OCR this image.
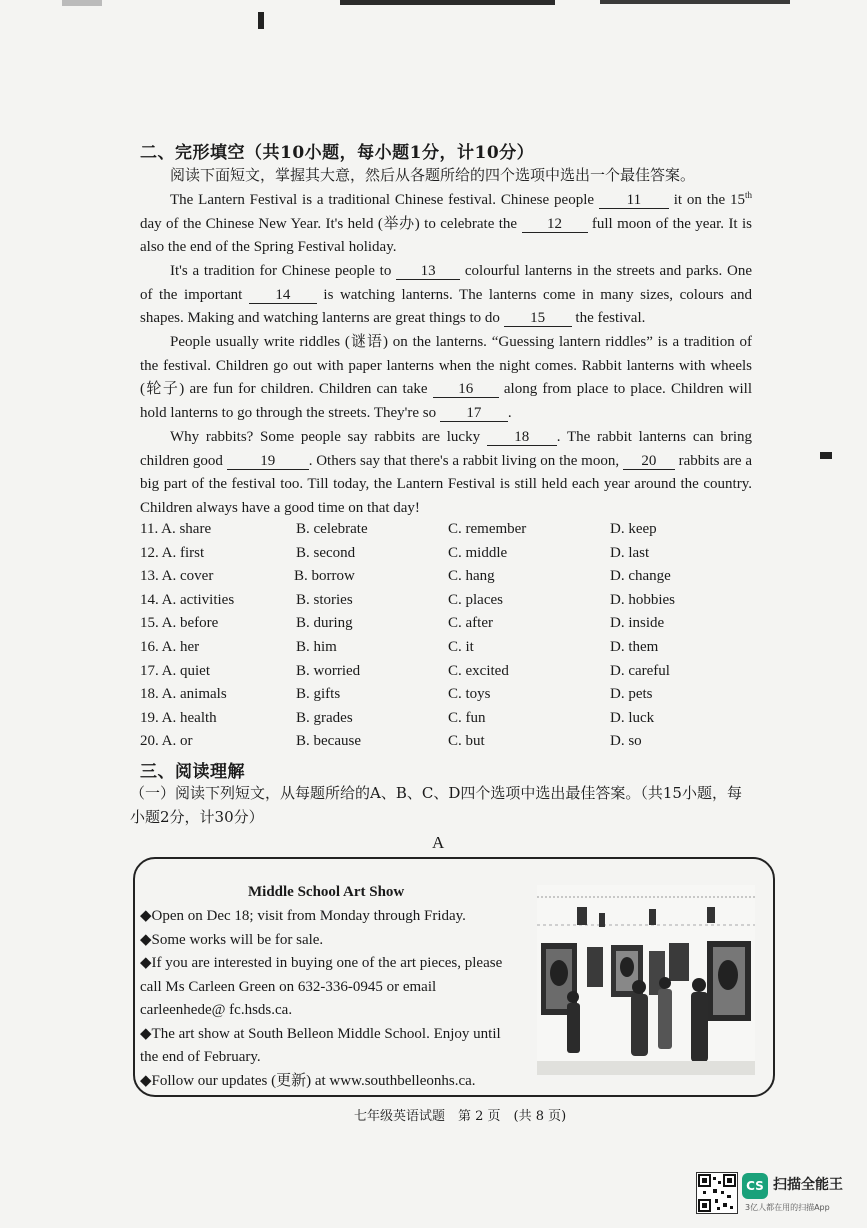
二、完形填空（共10小题，每小题1分，计10分）
阅读下面短文，掌握其大意，然后从各题所给的四个选项中选出一个最佳答案。
The Lantern Festival is a traditional Chinese festival. Chinese people 11 it on the 15th day of the Chinese New Year. It's held (举办) to celebrate the 12 full moon of the year. It is also the end of the Spring Festival holiday.
It's a tradition for Chinese people to 13 colourful lanterns in the streets and parks. One of the important 14 is watching lanterns. The lanterns come in many sizes, colours and shapes. Making and watching lanterns are great things to do 15 the festival.
People usually write riddles (谜语) on the lanterns. “Guessing lantern riddles” is a tradition of the festival. Children go out with paper lanterns when the night comes. Rabbit lanterns with wheels (轮子) are fun for children. Children can take 16 along from place to place. Children will hold lanterns to go through the streets. They're so 17 .
Why rabbits? Some people say rabbits are lucky 18 . The rabbit lanterns can bring children good 19 . Others say that there's a rabbit living on the moon, 20 rabbits are a big part of the festival too. Till today, the Lantern Festival is still held each year around the country. Children always have a good time on that day!
11. A. share	B. celebrate	C. remember	D. keep
12. A. first	B. second	C. middle	D. last
13. A. cover	B. borrow	C. hang	D. change
14. A. activities	B. stories	C. places	D. hobbies
15. A. before	B. during	C. after	D. inside
16. A. her	B. him	C. it	D. them
17. A. quiet	B. worried	C. excited	D. careful
18. A. animals	B. gifts	C. toys	D. pets
19. A. health	B. grades	C. fun	D. luck
20. A. or	B. because	C. but	D. so
三、阅读理解
（一）阅读下列短文，从每题所给的A、B、C、D四个选项中选出最佳答案。（共15小题，每小题2分，计30分）
A
Middle School Art Show

◆Open on Dec 18; visit from Monday through Friday.

◆Some works will be for sale.

◆If you are interested in buying one of the art pieces, please call Ms Carleen Green on 632-336-0945 or email carleenhede@ fc.hsds.ca.

◆The art show at South Belleon Middle School. Enjoy until the end of February.

◆Follow our updates (更新) at www.southbelleonhs.ca.

七年级英语试题　第 2 页　(共 8 页)
CS 扫描全能王
3亿人都在用的扫描App
